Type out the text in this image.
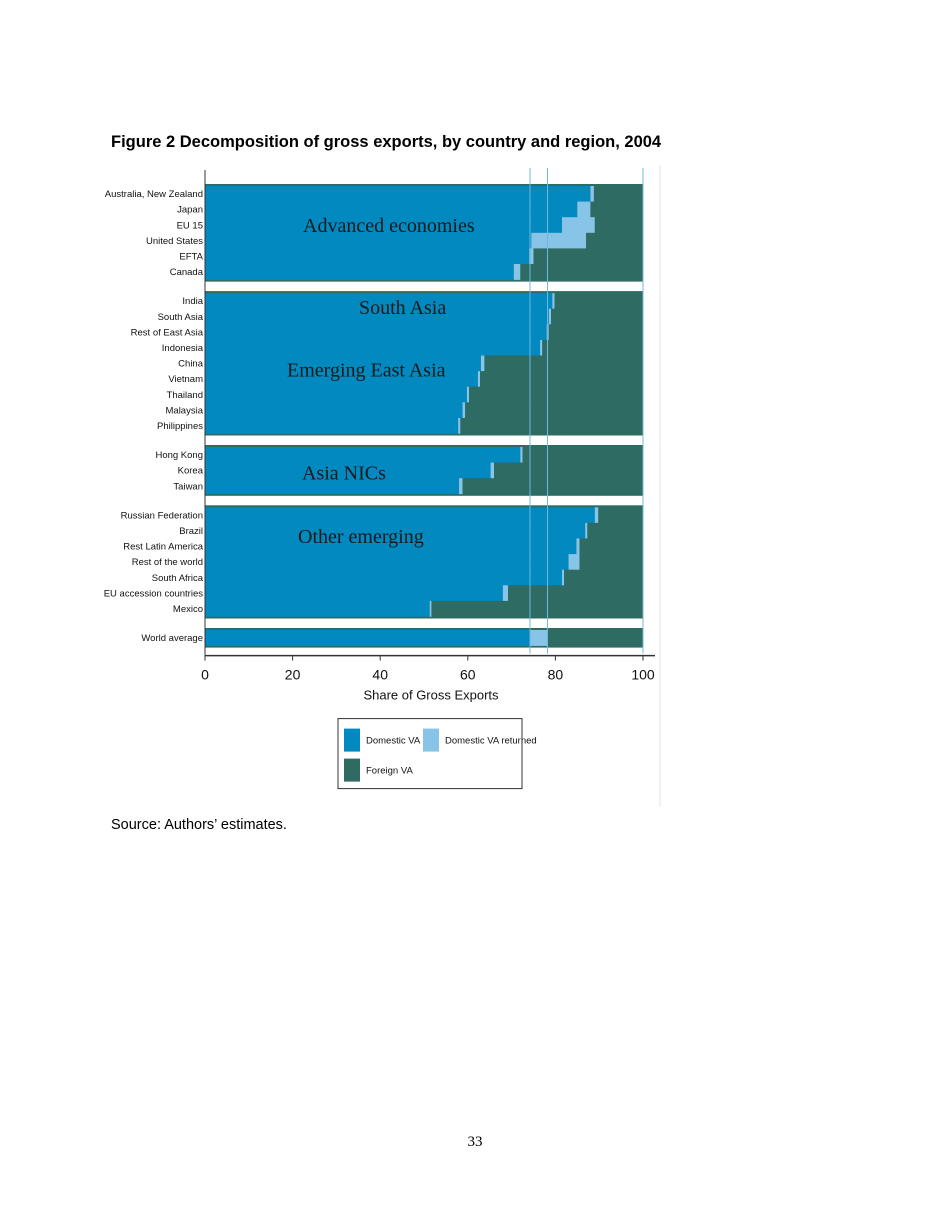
Figure 2 Decomposition of gross exports, by country and region, 2004
Advanced economies
South Asia
Emerging East Asia
Asia NICs
Other emerging
Australia, New Zealand
Japan
EU 15
United States
EFTA
Canada
India
South Asia
Rest of East Asia
Indonesia
China
Vietnam
Thailand
Malaysia
Philippines
Hong Kong
Korea
Taiwan
Russian Federation
Brazil
Rest Latin America
Rest of the world
South Africa
EU accession countries
Mexico
World average
0	20	40	60	80	100
Share of Gross Exports
Domestic VA	Domestic VA returned
Foreign VA
Source: Authors’ estimates.
33
